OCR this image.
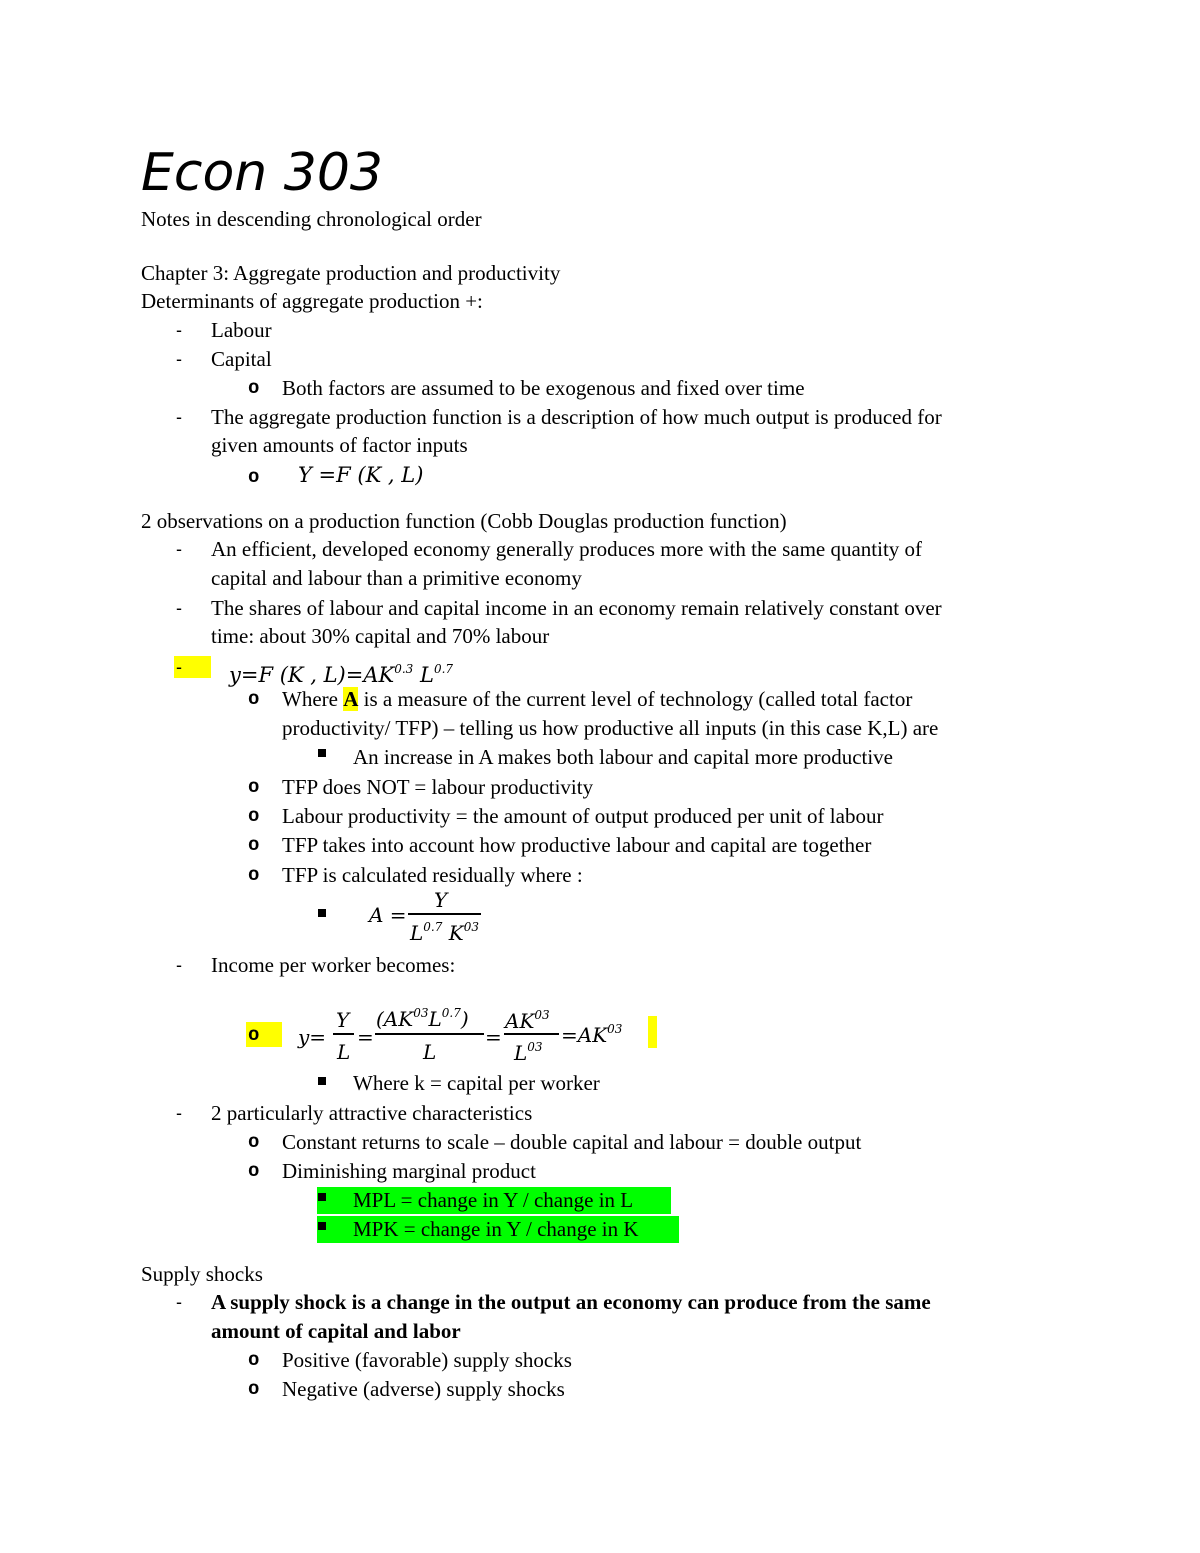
Econ 303
Notes in descending chronological order
Chapter 3: Aggregate production and productivity
Determinants of aggregate production +:
- Labour
- Capital
o Both factors are assumed to be exogenous and fixed over time
- The aggregate production function is a description of how much output is produced for
given amounts of factor inputs
o Y =F (K , L)
2 observations on a production function (Cobb Douglas production function)
- An efficient, developed economy generally produces more with the same quantity of
capital and labour than a primitive economy
- The shares of labour and capital income in an economy remain relatively constant over
time: about 30% capital and 70% labour
- y=F (K , $L)=AK^{0.3}$ $L^{0.7}$
o Where A is a measure of the current level of technology (called total factor
productivity/ TFP) – telling us how productive all inputs (in this case K,L) are
An increase in A makes both labour and capital more productive
o TFP does NOT = labour productivity
o Labour productivity = the amount of output produced per unit of labour
o TFP takes into account how productive labour and capital are together
o TFP is calculated residually where :
A =
Y
$L^{0.7}$ $K^{03}$
- Income per worker becomes:
o y=
Y
L
=
$(AK^{03}L^{0.7})$
L
=
$AK^{03}$
$L^{03} =AK^{03}$
Where k = capital per worker
- 2 particularly attractive characteristics
o Constant returns to scale – double capital and labour = double output
o Diminishing marginal product
MPL = change in Y / change in L
MPK = change in Y / change in K
Supply shocks
- A supply shock is a change in the output an economy can produce from the same
amount of capital and labor
o Positive (favorable) supply shocks
o Negative (adverse) supply shocks
